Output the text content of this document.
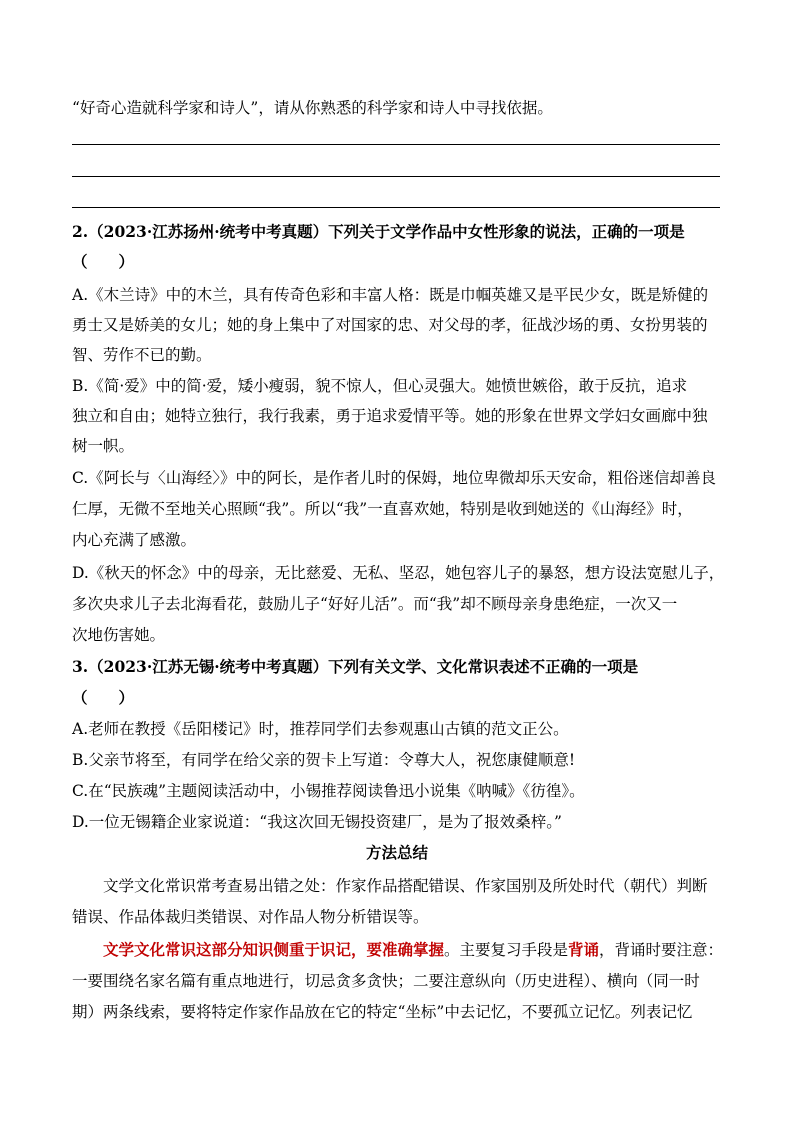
“好奇心造就科学家和诗人”，请从你熟悉的科学家和诗人中寻找依据。
2.（2023·江苏扬州·统考中考真题）下列关于文学作品中女性形象的说法，正确的一项是
（　　）
A.《木兰诗》中的木兰，具有传奇色彩和丰富人格：既是巾帼英雄又是平民少女，既是矫健的
勇士又是娇美的女儿；她的身上集中了对国家的忠、对父母的孝，征战沙场的勇、女扮男装的
智、劳作不已的勤。
B.《简·爱》中的简·爱，矮小瘦弱，貌不惊人，但心灵强大。她愤世嫉俗，敢于反抗，追求
独立和自由；她特立独行，我行我素，勇于追求爱情平等。她的形象在世界文学妇女画廊中独
树一帜。
C.《阿长与〈山海经〉》中的阿长，是作者儿时的保姆，地位卑微却乐天安命，粗俗迷信却善良
仁厚，无微不至地关心照顾“我”。所以“我”一直喜欢她，特别是收到她送的《山海经》时，
内心充满了感激。
D.《秋天的怀念》中的母亲，无比慈爱、无私、坚忍，她包容儿子的暴怒，想方设法宽慰儿子，
多次央求儿子去北海看花，鼓励儿子“好好儿活”。而“我”却不顾母亲身患绝症，一次又一
次地伤害她。
3.（2023·江苏无锡·统考中考真题）下列有关文学、文化常识表述不正确的一项是
（　　）
A.老师在教授《岳阳楼记》时，推荐同学们去参观惠山古镇的范文正公。
B.父亲节将至，有同学在给父亲的贺卡上写道：令尊大人，祝您康健顺意!
C.在“民族魂”主题阅读活动中，小锡推荐阅读鲁迅小说集《呐喊》《彷徨》。
D.一位无锡籍企业家说道：“我这次回无锡投资建厂，是为了报效桑梓。”
方法总结
文学文化常识常考查易出错之处：作家作品搭配错误、作家国别及所处时代（朝代）判断
错误、作品体裁归类错误、对作品人物分析错误等。
文学文化常识这部分知识侧重于识记，要准确掌握。主要复习手段是背诵，背诵时要注意：
一要围绕名家名篇有重点地进行，切忌贪多贪快；二要注意纵向（历史进程）、横向（同一时
期）两条线索，要将特定作家作品放在它的特定“坐标”中去记忆，不要孤立记忆。列表记忆
